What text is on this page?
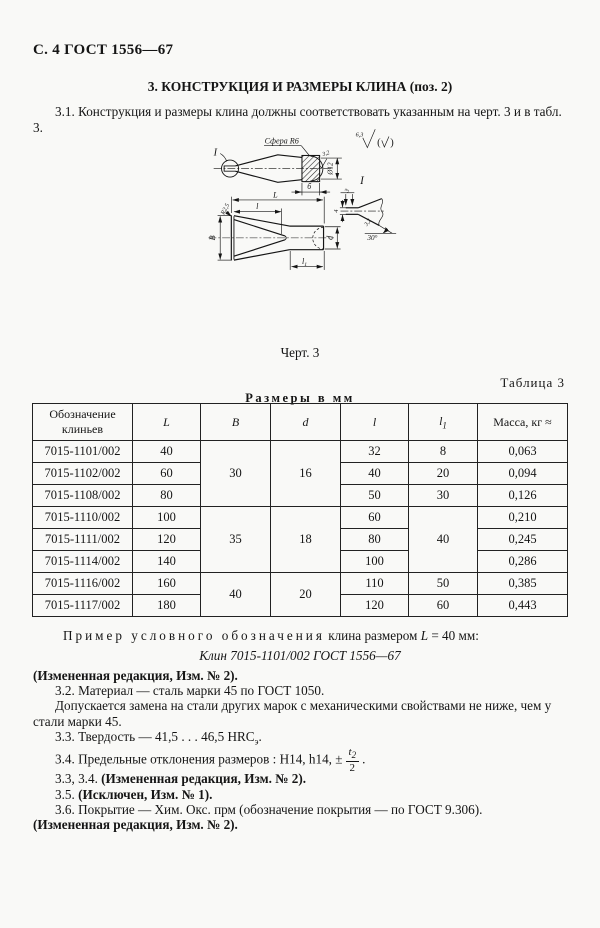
С. 4 ГОСТ 1556—67
3. КОНСТРУКЦИЯ И РАЗМЕРЫ КЛИНА (поз. 2)
3.1. Конструкция и размеры клина должны соответствовать указанным на черт. 3 и в табл. 3.
I
Сфера R6
3,2
Ø12
б
6,3
( )
I
L
l
R2,5
В	d
$l_1$
3
4
3,2
30°
Черт. 3
Таблица 3
Размеры в мм
Обозначение клиньев	L	B	d	l	$l_1$	Масса, кг ≈
7015-1101/002	40	30	16	32	8	0,063
7015-1102/002	60			40	20	0,094
7015-1108/002	80			50	30	0,126
7015-1110/002	100	35	18	60	40	0,210
7015-1111/002	120			80		0,245
7015-1114/002	140			100		0,286
7015-1116/002	160	40	20	110	50	0,385
7015-1117/002	180			120	60	0,443
Пример условного обозначения клина размером L = 40 мм:
Клин 7015-1101/002 ГОСТ 1556—67
(Измененная редакция, Изм. № 2).
3.2. Материал — сталь марки 45 по ГОСТ 1050.
Допускается замена на стали других марок с механическими свойствами не ниже, чем у стали марки 45.
3.3. Твердость — 41,5 . . . 46,5 $HRC_э$.
3.4. Предельные отклонения размеров : Н14, h14, ± $\frac{t_2}{2}$ .
3.3, 3.4. (Измененная редакция, Изм. № 2).
3.5. (Исключен, Изм. № 1).
3.6. Покрытие — Хим. Окс. прм (обозначение покрытия — по ГОСТ 9.306).
(Измененная редакция, Изм. № 2).
